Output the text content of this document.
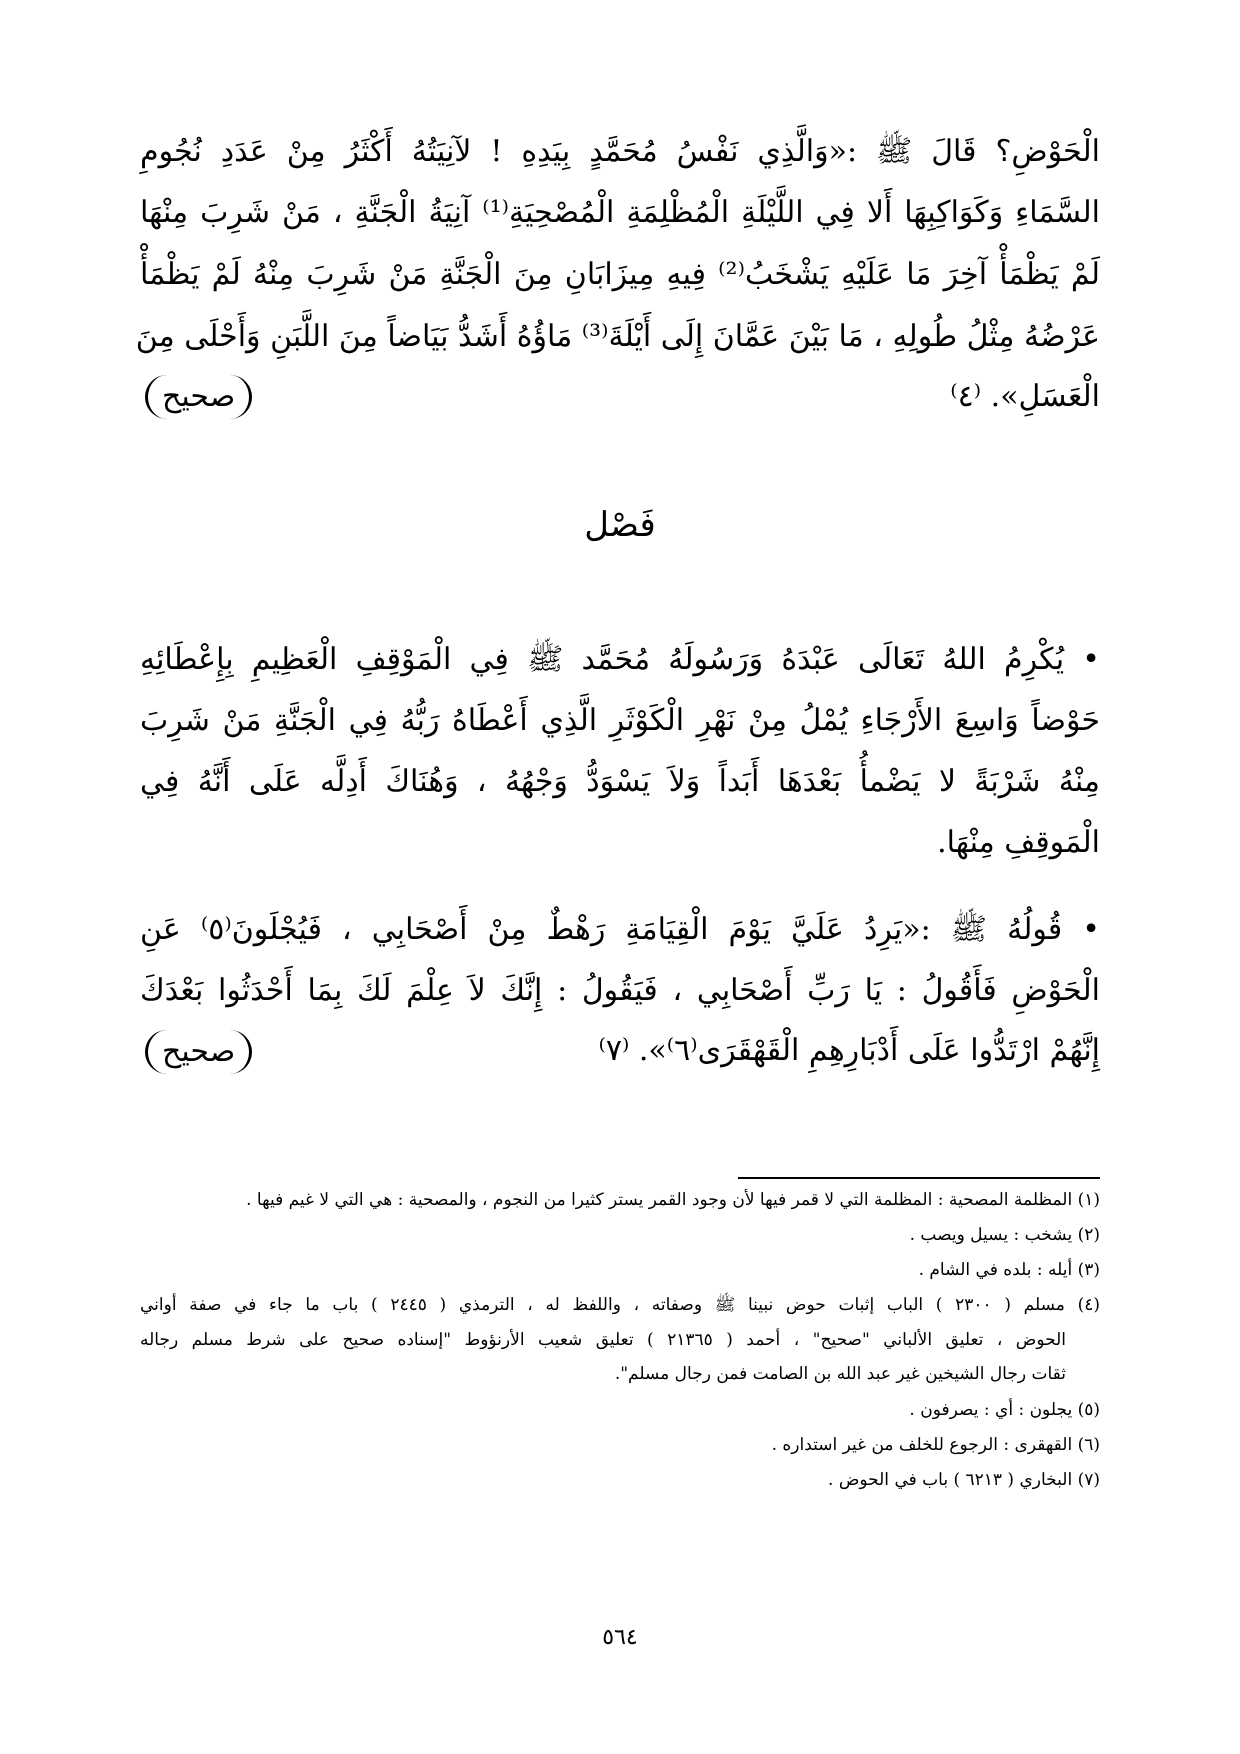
الْحَوْضِ؟ قَالَ ﷺ :«وَالَّذِي نَفْسُ مُحَمَّدٍ بِيَدِهِ ! لآنِيَتُهُ أَكْثَرُ مِنْ عَدَدِ نُجُومِ
السَّمَاءِ وَكَوَاكِبِهَا أَلا فِي اللَّيْلَةِ الْمُظْلِمَةِ الْمُصْحِيَةِ⁽¹⁾ آنِيَةُ الْجَنَّةِ ، مَنْ شَرِبَ مِنْهَا
لَمْ يَظْمَأْ آخِرَ مَا عَلَيْهِ يَشْخَبُ⁽²⁾ فِيهِ مِيزَابَانِ مِنَ الْجَنَّةِ مَنْ شَرِبَ مِنْهُ لَمْ يَظْمَأْ
عَرْضُهُ مِثْلُ طُولِهِ ، مَا بَيْنَ عَمَّانَ إِلَى أَيْلَةَ⁽³⁾ مَاؤُهُ أَشَدُّ بَيَاضاً مِنَ اللَّبَنِ وَأَحْلَى مِنَ
الْعَسَلِ». ⁽٤⁾
صحيح
فَصْل
• يُكْرِمُ اللهُ تَعَالَى عَبْدَهُ وَرَسُولَهُ مُحَمَّد ﷺ فِي الْمَوْقِفِ الْعَظِيمِ بِإِعْطَائِهِ
حَوْضاً وَاسِعَ الأَرْجَاءِ يُمْلُ مِنْ نَهْرِ الْكَوْثَرِ الَّذِي أَعْطَاهُ رَبُّهُ فِي الْجَنَّةِ مَنْ شَرِبَ
مِنْهُ شَرْبَةً لا يَضْمأُ بَعْدَهَا أَبَداً وَلاَ يَسْوَدُّ وَجْهُهُ ، وَهُنَاكَ أَدِلَّه عَلَى أَنَّهُ فِي
الْمَوقِفِ مِنْهَا.
• قُولُهُ ﷺ :«يَرِدُ عَلَيَّ يَوْمَ الْقِيَامَةِ رَهْطٌ مِنْ أَصْحَابِي ، فَيُجْلَونَ⁽٥⁾ عَنِ
الْحَوْضِ فَأَقُولُ : يَا رَبِّ أَصْحَابِي ، فَيَقُولُ : إِنَّكَ لاَ عِلْمَ لَكَ بِمَا أَحْدَثُوا بَعْدَكَ
إِنَّهُمْ ارْتَدُّوا عَلَى أَدْبَارِهِمِ الْقَهْقَرَى⁽٦⁾». ⁽٧⁾
صحيح
(١) المظلمة المصحية : المظلمة التي لا قمر فيها لأن وجود القمر يستر كثيرا من النجوم ، والمصحية : هي التي لا غيم فيها .
(٢) يشخب : يسيل ويصب .
(٣) أيله : بلده في الشام .
(٤) مسلم ( ٢٣٠٠ ) الباب إثبات حوض نبينا ﷺ وصفاته ، واللفظ له ، الترمذي ( ٢٤٤٥ ) باب ما جاء في صفة أواني
الحوض ، تعليق الألباني "صحيح" ، أحمد ( ٢١٣٦٥ ) تعليق شعيب الأرنؤوط "إسناده صحيح على شرط مسلم رجاله
ثقات رجال الشيخين غير عبد الله بن الصامت فمن رجال مسلم".
(٥) يجلون : أي : يصرفون .
(٦) القهقرى : الرجوع للخلف من غير استداره .
(٧) البخاري ( ٦٢١٣ ) باب في الحوض .
٥٦٤
